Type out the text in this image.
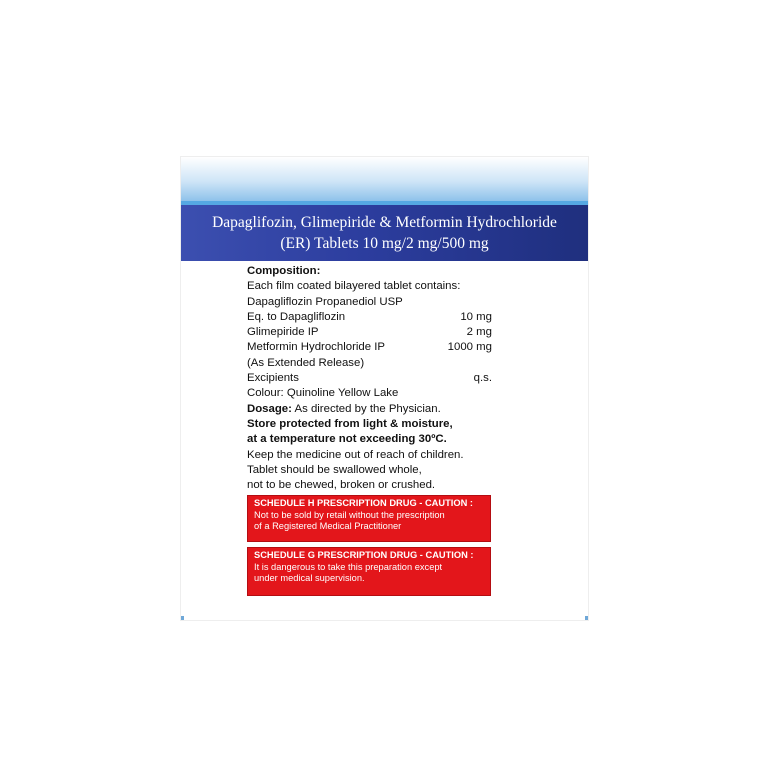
Dapaglifozin, Glimepiride & Metformin Hydrochloride
(ER) Tablets 10 mg/2 mg/500 mg
Composition:
Each film coated bilayered tablet contains:
Dapagliflozin Propanediol USP
Eq. to Dapagliflozin	10 mg
Glimepiride IP	2 mg
Metformin Hydrochloride IP	1000 mg
(As Extended Release)
Excipients	q.s.
Colour: Quinoline Yellow Lake
Dosage: As directed by the Physician.
Store protected from light & moisture,
at a temperature not exceeding 30ºC.
Keep the medicine out of reach of children.
Tablet should be swallowed whole,
not to be chewed, broken or crushed.
SCHEDULE H PRESCRIPTION DRUG - CAUTION :
Not to be sold by retail without the prescription
of a Registered Medical Practitioner
SCHEDULE G PRESCRIPTION DRUG - CAUTION :
It is dangerous to take this preparation except
under medical supervision.
